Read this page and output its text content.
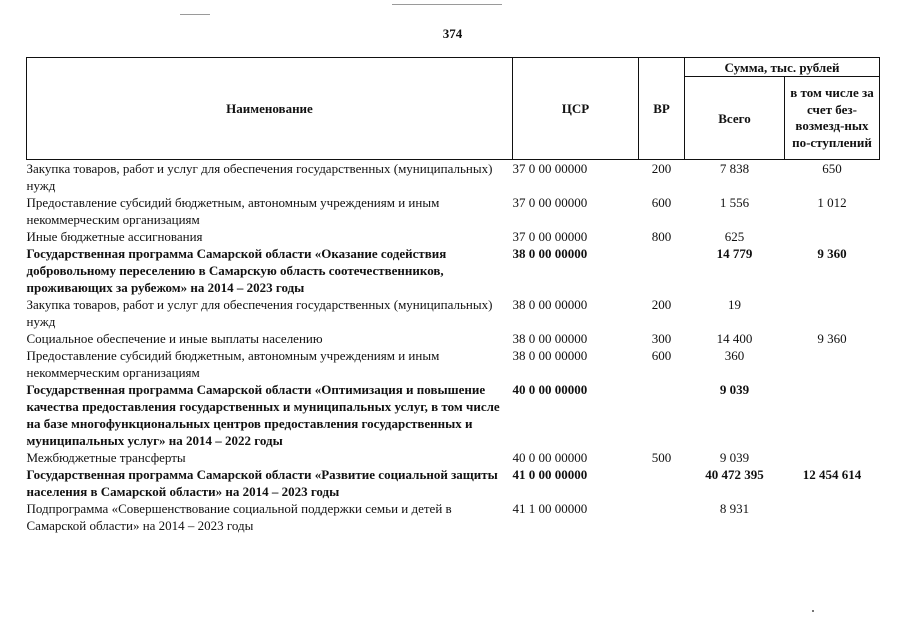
374
Наименование	ЦСР	ВР	Сумма, тыс. рублей	
			Всего	в том числе за счет без-возмезд-ных по-ступлений
Закупка товаров, работ и услуг для обеспечения государственных (муниципальных) нужд	37 0 00 00000	200	7 838	650
Предоставление субсидий бюджетным, автономным учреждениям и иным некоммерческим организациям	37 0 00 00000	600	1 556	1 012
Иные бюджетные ассигнования	37 0 00 00000	800	625	
Государственная программа Самарской области «Оказание содействия добровольному переселению в Самарскую область соотечественников, проживающих за рубежом» на 2014 – 2023 годы	38 0 00 00000		14 779	9 360
Закупка товаров, работ и услуг для обеспечения государственных (муниципальных) нужд	38 0 00 00000	200	19	
Социальное обеспечение и иные выплаты населению	38 0 00 00000	300	14 400	9 360
Предоставление субсидий бюджетным, автономным учреждениям и иным некоммерческим организациям	38 0 00 00000	600	360	
Государственная программа Самарской области «Оптимизация и повышение качества предоставления государственных и муниципальных услуг, в том числе на базе многофункциональных центров предоставления государственных и муниципальных услуг» на 2014 – 2022 годы	40 0 00 00000		9 039	
Межбюджетные трансферты	40 0 00 00000	500	9 039	
Государственная программа Самарской области «Развитие социальной защиты населения в Самарской области» на 2014 – 2023 годы	41 0 00 00000		40 472 395	12 454 614
Подпрограмма «Совершенствование социальной поддержки семьи и детей в Самарской области» на 2014 – 2023 годы	41 1 00 00000		8 931	
